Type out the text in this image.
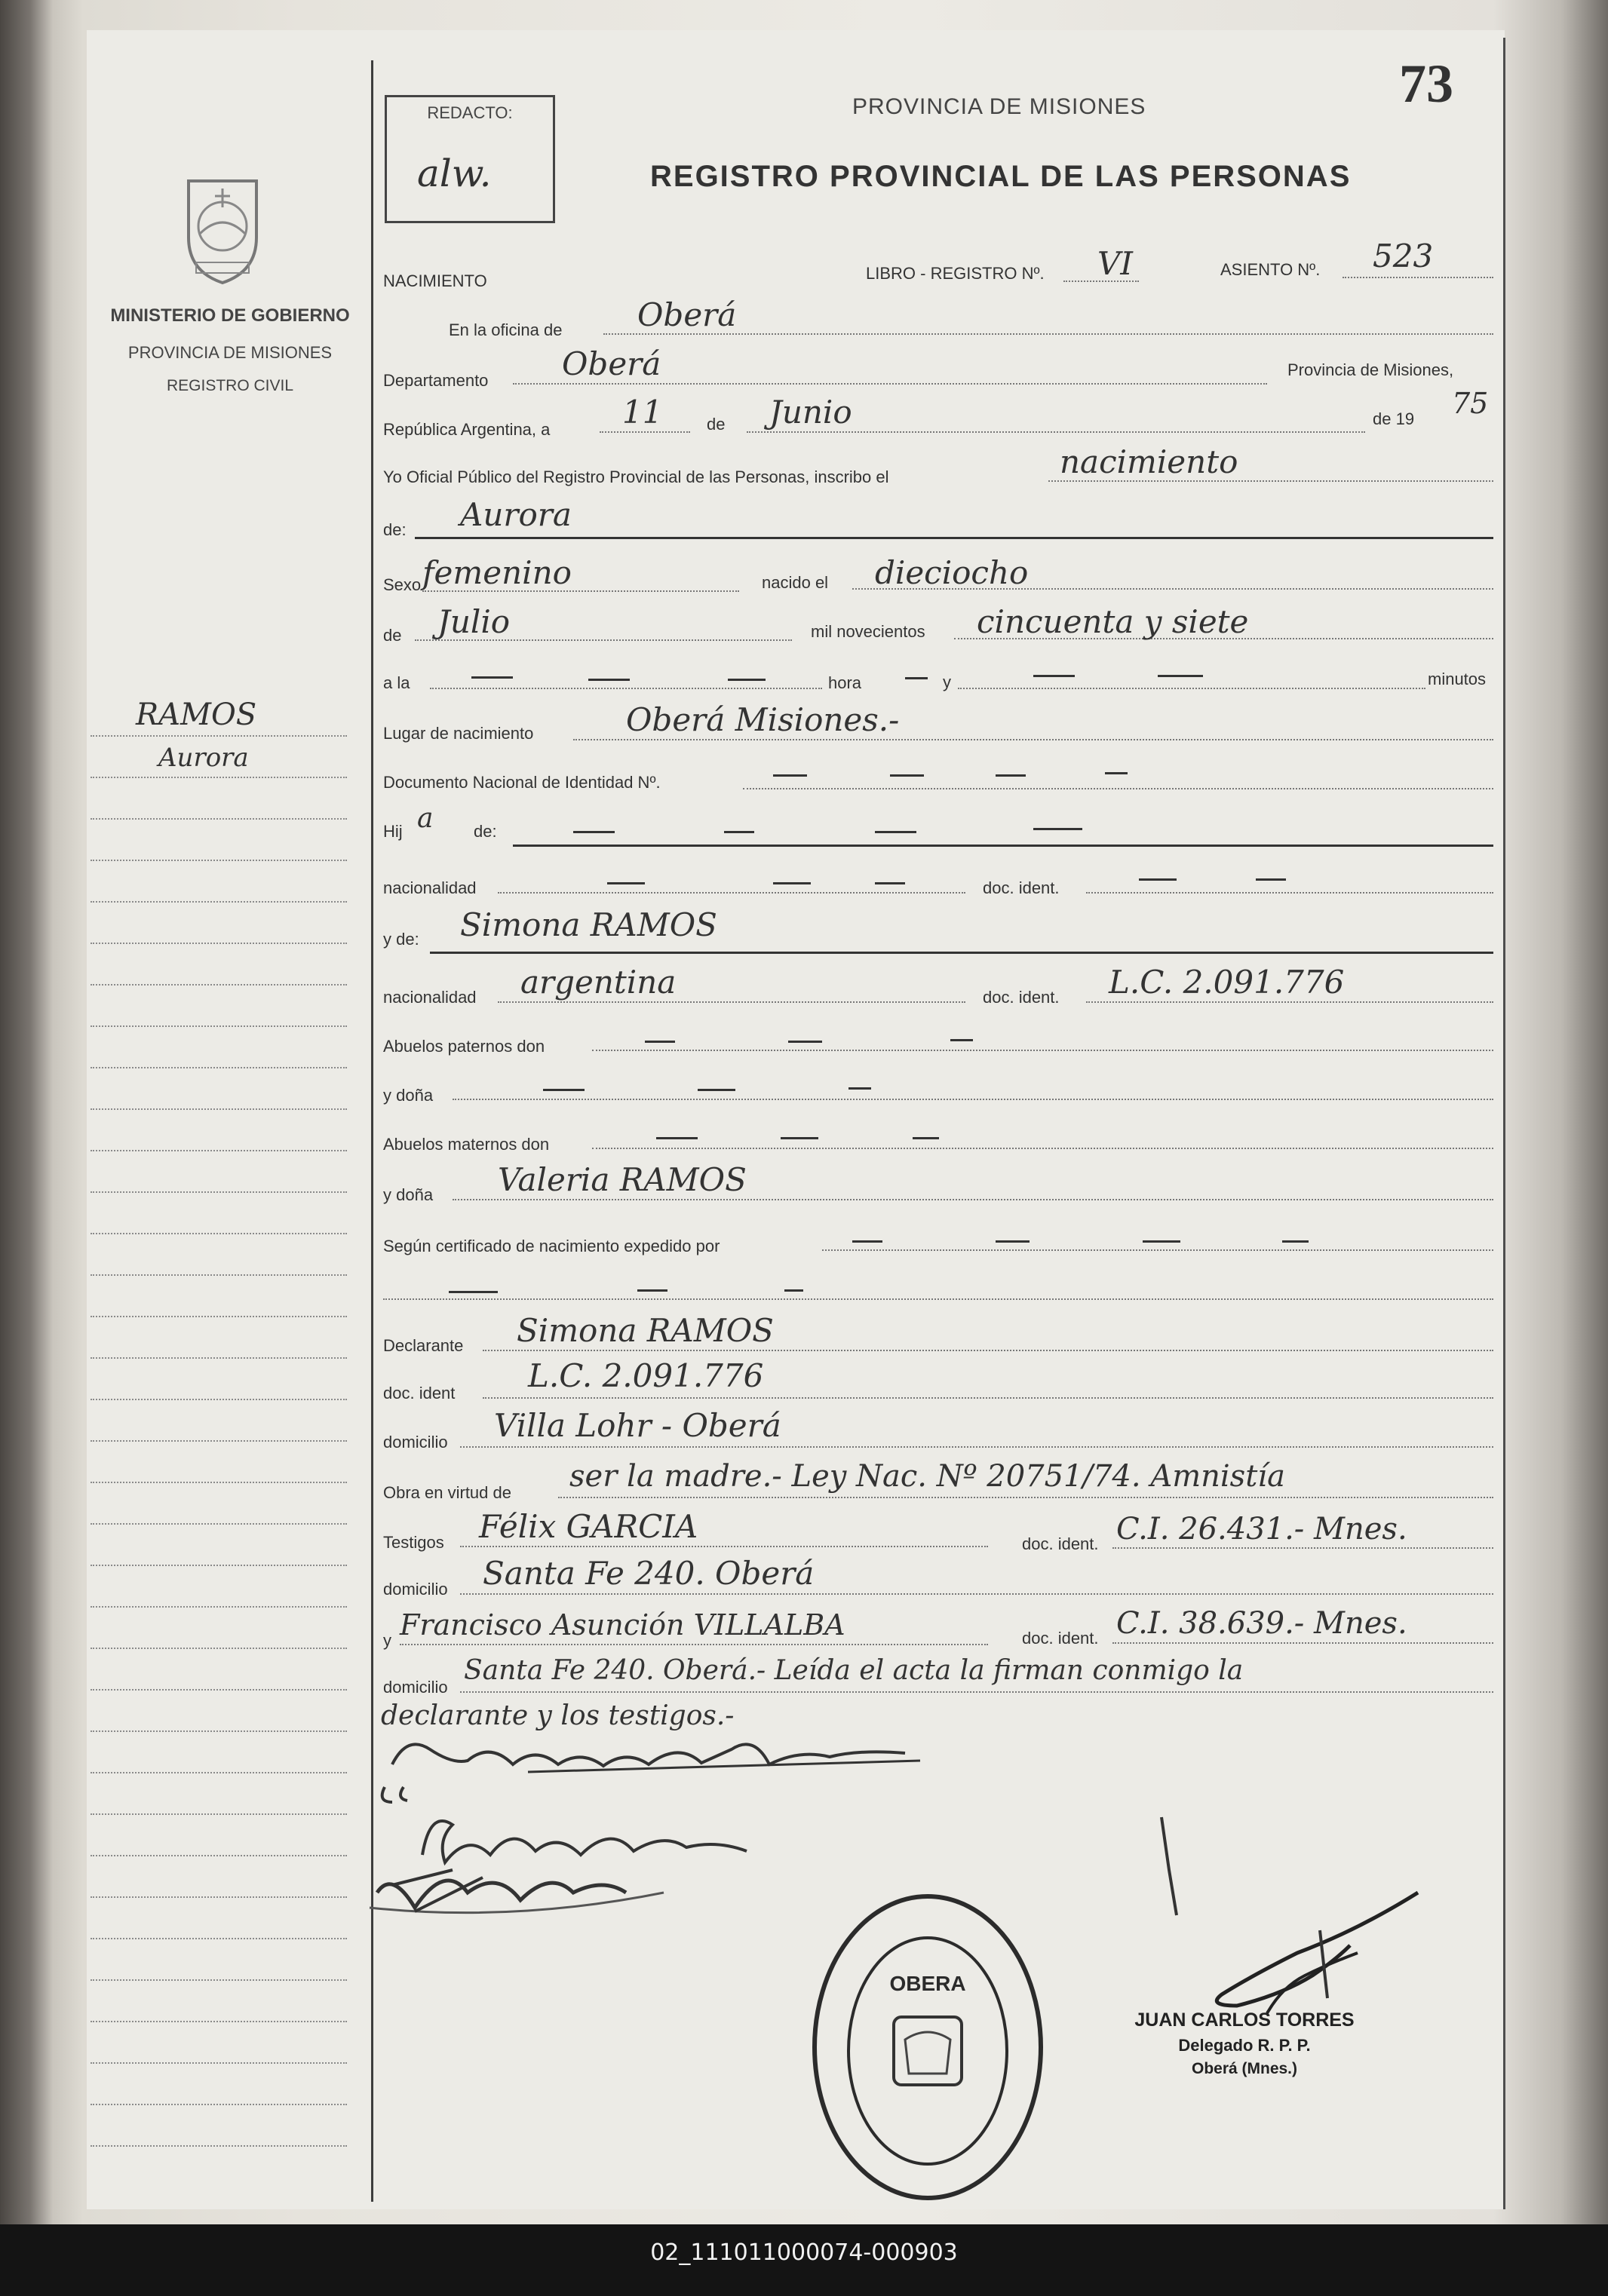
73
REDACTO:
alw.
PROVINCIA DE MISIONES
REGISTRO PROVINCIAL DE LAS PERSONAS
MINISTERIO DE GOBIERNO
PROVINCIA DE MISIONES
REGISTRO CIVIL
RAMOS
Aurora
NACIMIENTO	LIBRO - REGISTRO Nº. VI	ASIENTO Nº. 523
En la oficina de Oberá
Departamento Oberá	Provincia de Misiones,
República Argentina, a 11	de Junio	de 19 75
Yo Oficial Público del Registro Provincial de las Personas, inscribo el	nacimiento
de: Aurora
Sexo femenino	nacido el dieciocho
de Julio	mil novecientos cincuenta y siete
a la	hora	y	minutos
Lugar de nacimiento	Oberá Misiones.-
Documento Nacional de Identidad Nº.
Hij a de:
nacionalidad	doc. ident.
y de: Simona RAMOS
nacionalidad argentina	doc. ident. L.C. 2.091.776
Abuelos paternos don
y doña
Abuelos maternos don
y doña Valeria RAMOS
Según certificado de nacimiento expedido por
Declarante Simona RAMOS
doc. ident L.C. 2.091.776
domicilio Villa Lohr - Oberá
Obra en virtud de ser la madre.- Ley Nac. Nº 20751/74. Amnistía
Testigos Félix GARCIA	doc. ident. C.I. 26.431.- Mnes.
domicilio Santa Fe 240. Oberá
y Francisco Asunción VILLALBA	doc. ident. C.I. 38.639.- Mnes.
domicilio
Santa Fe 240. Oberá.- Leída el acta la firman conmigo la
declarante y los testigos.-
OBERA
JUAN CARLOS TORRES
Delegado R. P. P.
Oberá (Mnes.)
02_111011000074-000903
